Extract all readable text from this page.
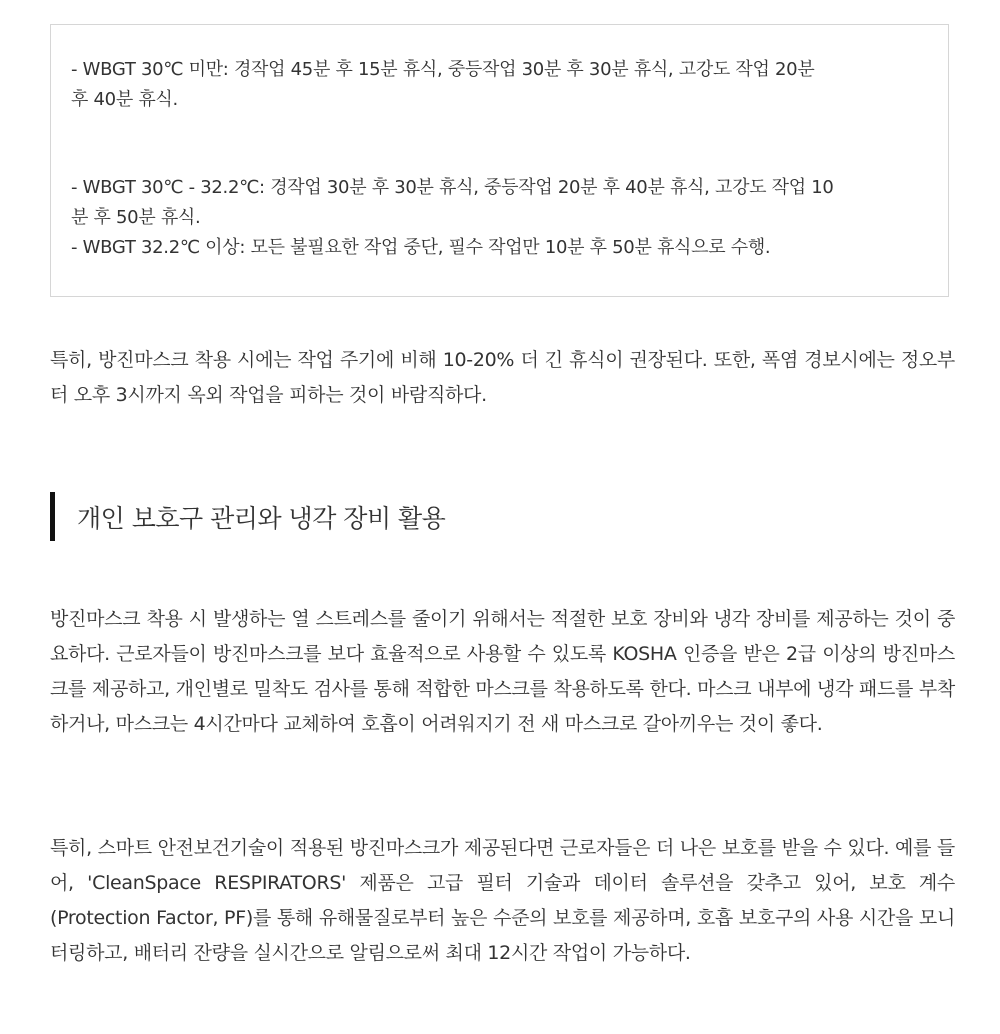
- WBGT 30℃ 미만: 경작업 45분 후 15분 휴식, 중등작업 30분 후 30분 휴식, 고강도 작업 20분

후 40분 휴식.

- WBGT 30℃ - 32.2℃: 경작업 30분 후 30분 휴식, 중등작업 20분 후 40분 휴식, 고강도 작업 10

분 후 50분 휴식.

- WBGT 32.2℃ 이상: 모든 불필요한 작업 중단, 필수 작업만 10분 후 50분 휴식으로 수행.

특히, 방진마스크 착용 시에는 작업 주기에 비해 10-20% 더 긴 휴식이 권장된다. 또한, 폭염 경보시에는 정오부터 오후 3시까지 옥외 작업을 피하는 것이 바람직하다.

개인 보호구 관리와 냉각 장비 활용

방진마스크 착용 시 발생하는 열 스트레스를 줄이기 위해서는 적절한 보호 장비와 냉각 장비를 제공하는 것이 중요하다. 근로자들이 방진마스크를 보다 효율적으로 사용할 수 있도록 KOSHA 인증을 받은 2급 이상의 방진마스크를 제공하고, 개인별로 밀착도 검사를 통해 적합한 마스크를 착용하도록 한다. 마스크 내부에 냉각 패드를 부착하거나, 마스크는 4시간마다 교체하여 호흡이 어려워지기 전 새 마스크로 갈아끼우는 것이 좋다.

특히, 스마트 안전보건기술이 적용된 방진마스크가 제공된다면 근로자들은 더 나은 보호를 받을 수 있다. 예를 들어, 'CleanSpace RESPIRATORS' 제품은 고급 필터 기술과 데이터 솔루션을 갖추고 있어, 보호 계수(Protection Factor, PF)를 통해 유해물질로부터 높은 수준의 보호를 제공하며, 호흡 보호구의 사용 시간을 모니터링하고, 배터리 잔량을 실시간으로 알림으로써 최대 12시간 작업이 가능하다.
